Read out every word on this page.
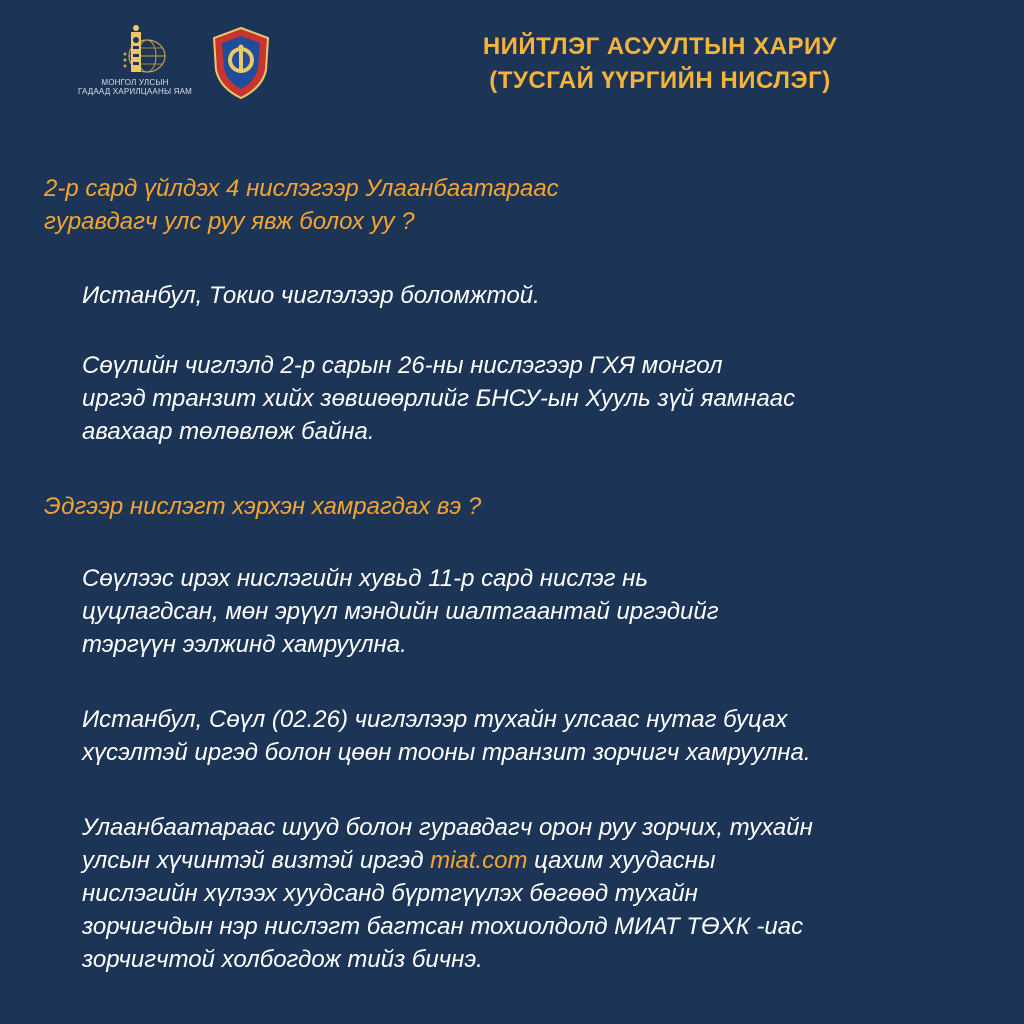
МОНГОЛ УЛСЫН
ГАДААД ХАРИЛЦААНЫ ЯАМ
НИЙТЛЭГ АСУУЛТЫН ХАРИУ
(ТУСГАЙ ҮҮРГИЙН НИСЛЭГ)
2-р сард үйлдэх 4 нислэгээр Улаанбаатараас
гуравдагч улс руу явж болох уу ?
Истанбул, Токио чиглэлээр боломжтой.
Сөүлийн чиглэлд 2-р сарын 26-ны нислэгээр ГХЯ монгол
иргэд транзит хийх зөвшөөрлийг БНСУ-ын Хууль зүй яамнаас
авахаар төлөвлөж байна.
Эдгээр нислэгт хэрхэн хамрагдах вэ ?
Сөүлээс ирэх нислэгийн хувьд 11-р сард нислэг нь
цуцлагдсан, мөн эрүүл мэндийн шалтгаантай иргэдийг
тэргүүн ээлжинд хамруулна.
Истанбул, Сөүл (02.26) чиглэлээр тухайн улсаас нутаг буцах
хүсэлтэй иргэд болон цөөн тооны транзит зорчигч хамруулна.
Улаанбаатараас шууд болон гуравдагч орон руу зорчих, тухайн
улсын хүчинтэй визтэй иргэд miat.com цахим хуудасны
нислэгийн хүлээх хуудсанд бүртгүүлэх бөгөөд тухайн
зорчигчдын нэр нислэгт багтсан тохиолдолд МИАТ ТӨХК -иас
зорчигчтой холбогдож тийз бичнэ.
